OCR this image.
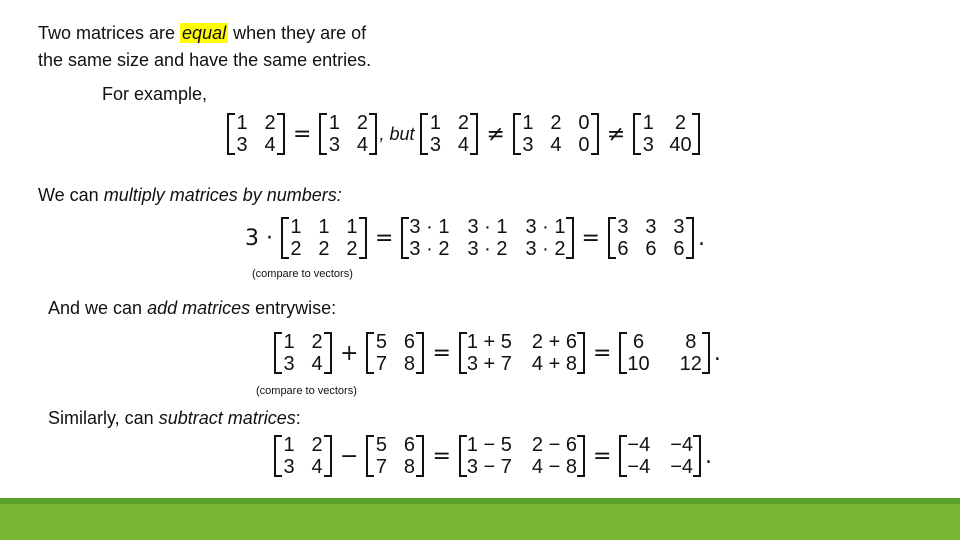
Two matrices are equal when they are of
the same size and have the same entries.
For example,
1 2
3 4 = 1 2
3 4
, but 1 2
3 4 ≠ 1 2 0
3 4 0 ≠ 1 2
3 40
We can multiply matrices by numbers:
3 · 1 1 1
2 2 2 = 3 · 1 3 · 1 3 · 1
3 · 2 3 · 2 3 · 2 = 3 3 3
6 6 6 .
(compare to vectors)
And we can add matrices entrywise:
1 2
3 4 + 5 6
7 8 = 1 + 5 2 + 6
3 + 7 4 + 8 = 6 8
10 12 .
(compare to vectors)
Similarly, can subtract matrices:
1 2
3 4 − 5 6
7 8 = 1 − 5 2 − 6
3 − 7 4 − 8 = −4 −4
−4 −4 .
